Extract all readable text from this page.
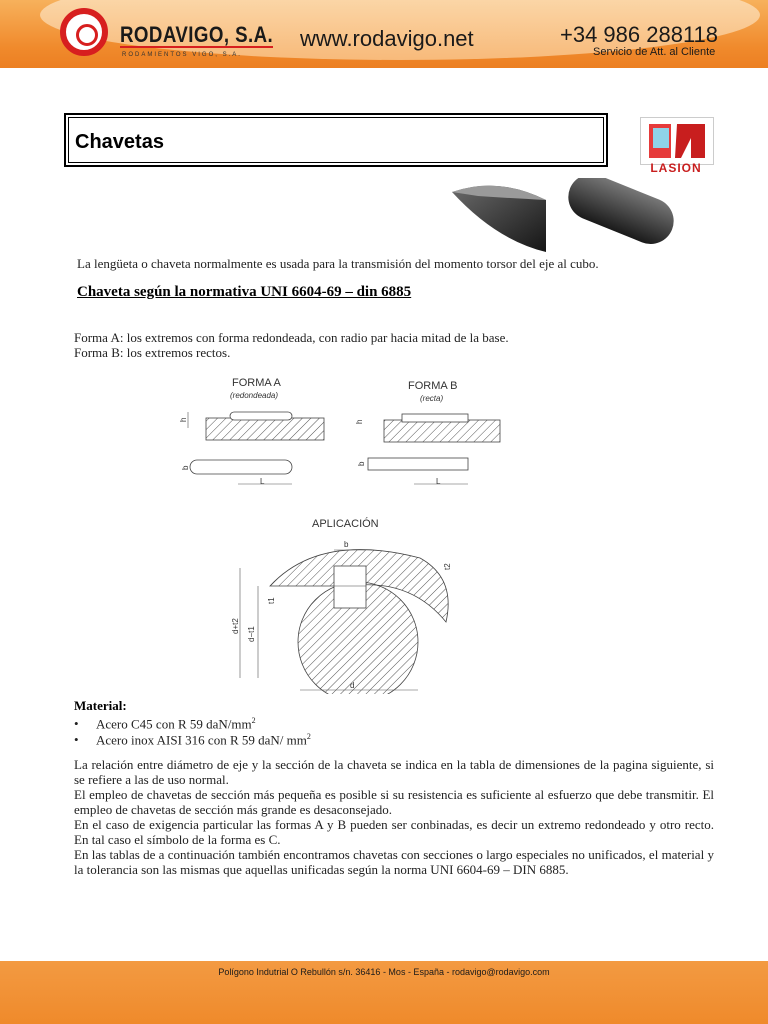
RODAVIGO, S.A.
RODAMIENTOS VIGO, S.A.
www.rodavigo.net	+34 986 288118
Servicio de Att. al Cliente
Chavetas
LASION

La lengüeta o chaveta normalmente es usada para la transmisión del momento torsor del eje al cubo.

Chaveta según la normativa UNI 6604-69 – din 6885

Forma A: los extremos con forma redondeada, con radio par hacia mitad de la base.

Forma B: los extremos rectos.

FORMA A
(redondeada)
h
b
L
FORMA B
(recta)
h
b
L
APLICACIÓN
b
t2
t1
d+t2
d−t1
d

Material:

• Acero C45 con R 59 daN/$mm^2$

• Acero inox AISI 316 con R 59 daN/ $mm^2$

La relación entre diámetro de eje y la sección de la chaveta se indica en la tabla de dimensiones de la pagina siguiente, si se refiere a las de uso normal.

El empleo de chavetas de sección más pequeña es posible si su resistencia es suficiente al esfuerzo que debe transmitir. El empleo de chavetas de sección más grande es desaconsejado.

En el caso de exigencia particular las formas A y B pueden ser conbinadas, es decir un extremo redondeado y otro recto. En tal caso el símbolo de la forma es C.

En las tablas de a continuación también encontramos chavetas con secciones o largo especiales no unificados, el material y la tolerancia son las mismas que aquellas unificadas según la norma UNI 6604-69 – DIN 6885.

Polígono Indutrial O Rebullón s/n. 36416 - Mos - España - rodavigo@rodavigo.com
